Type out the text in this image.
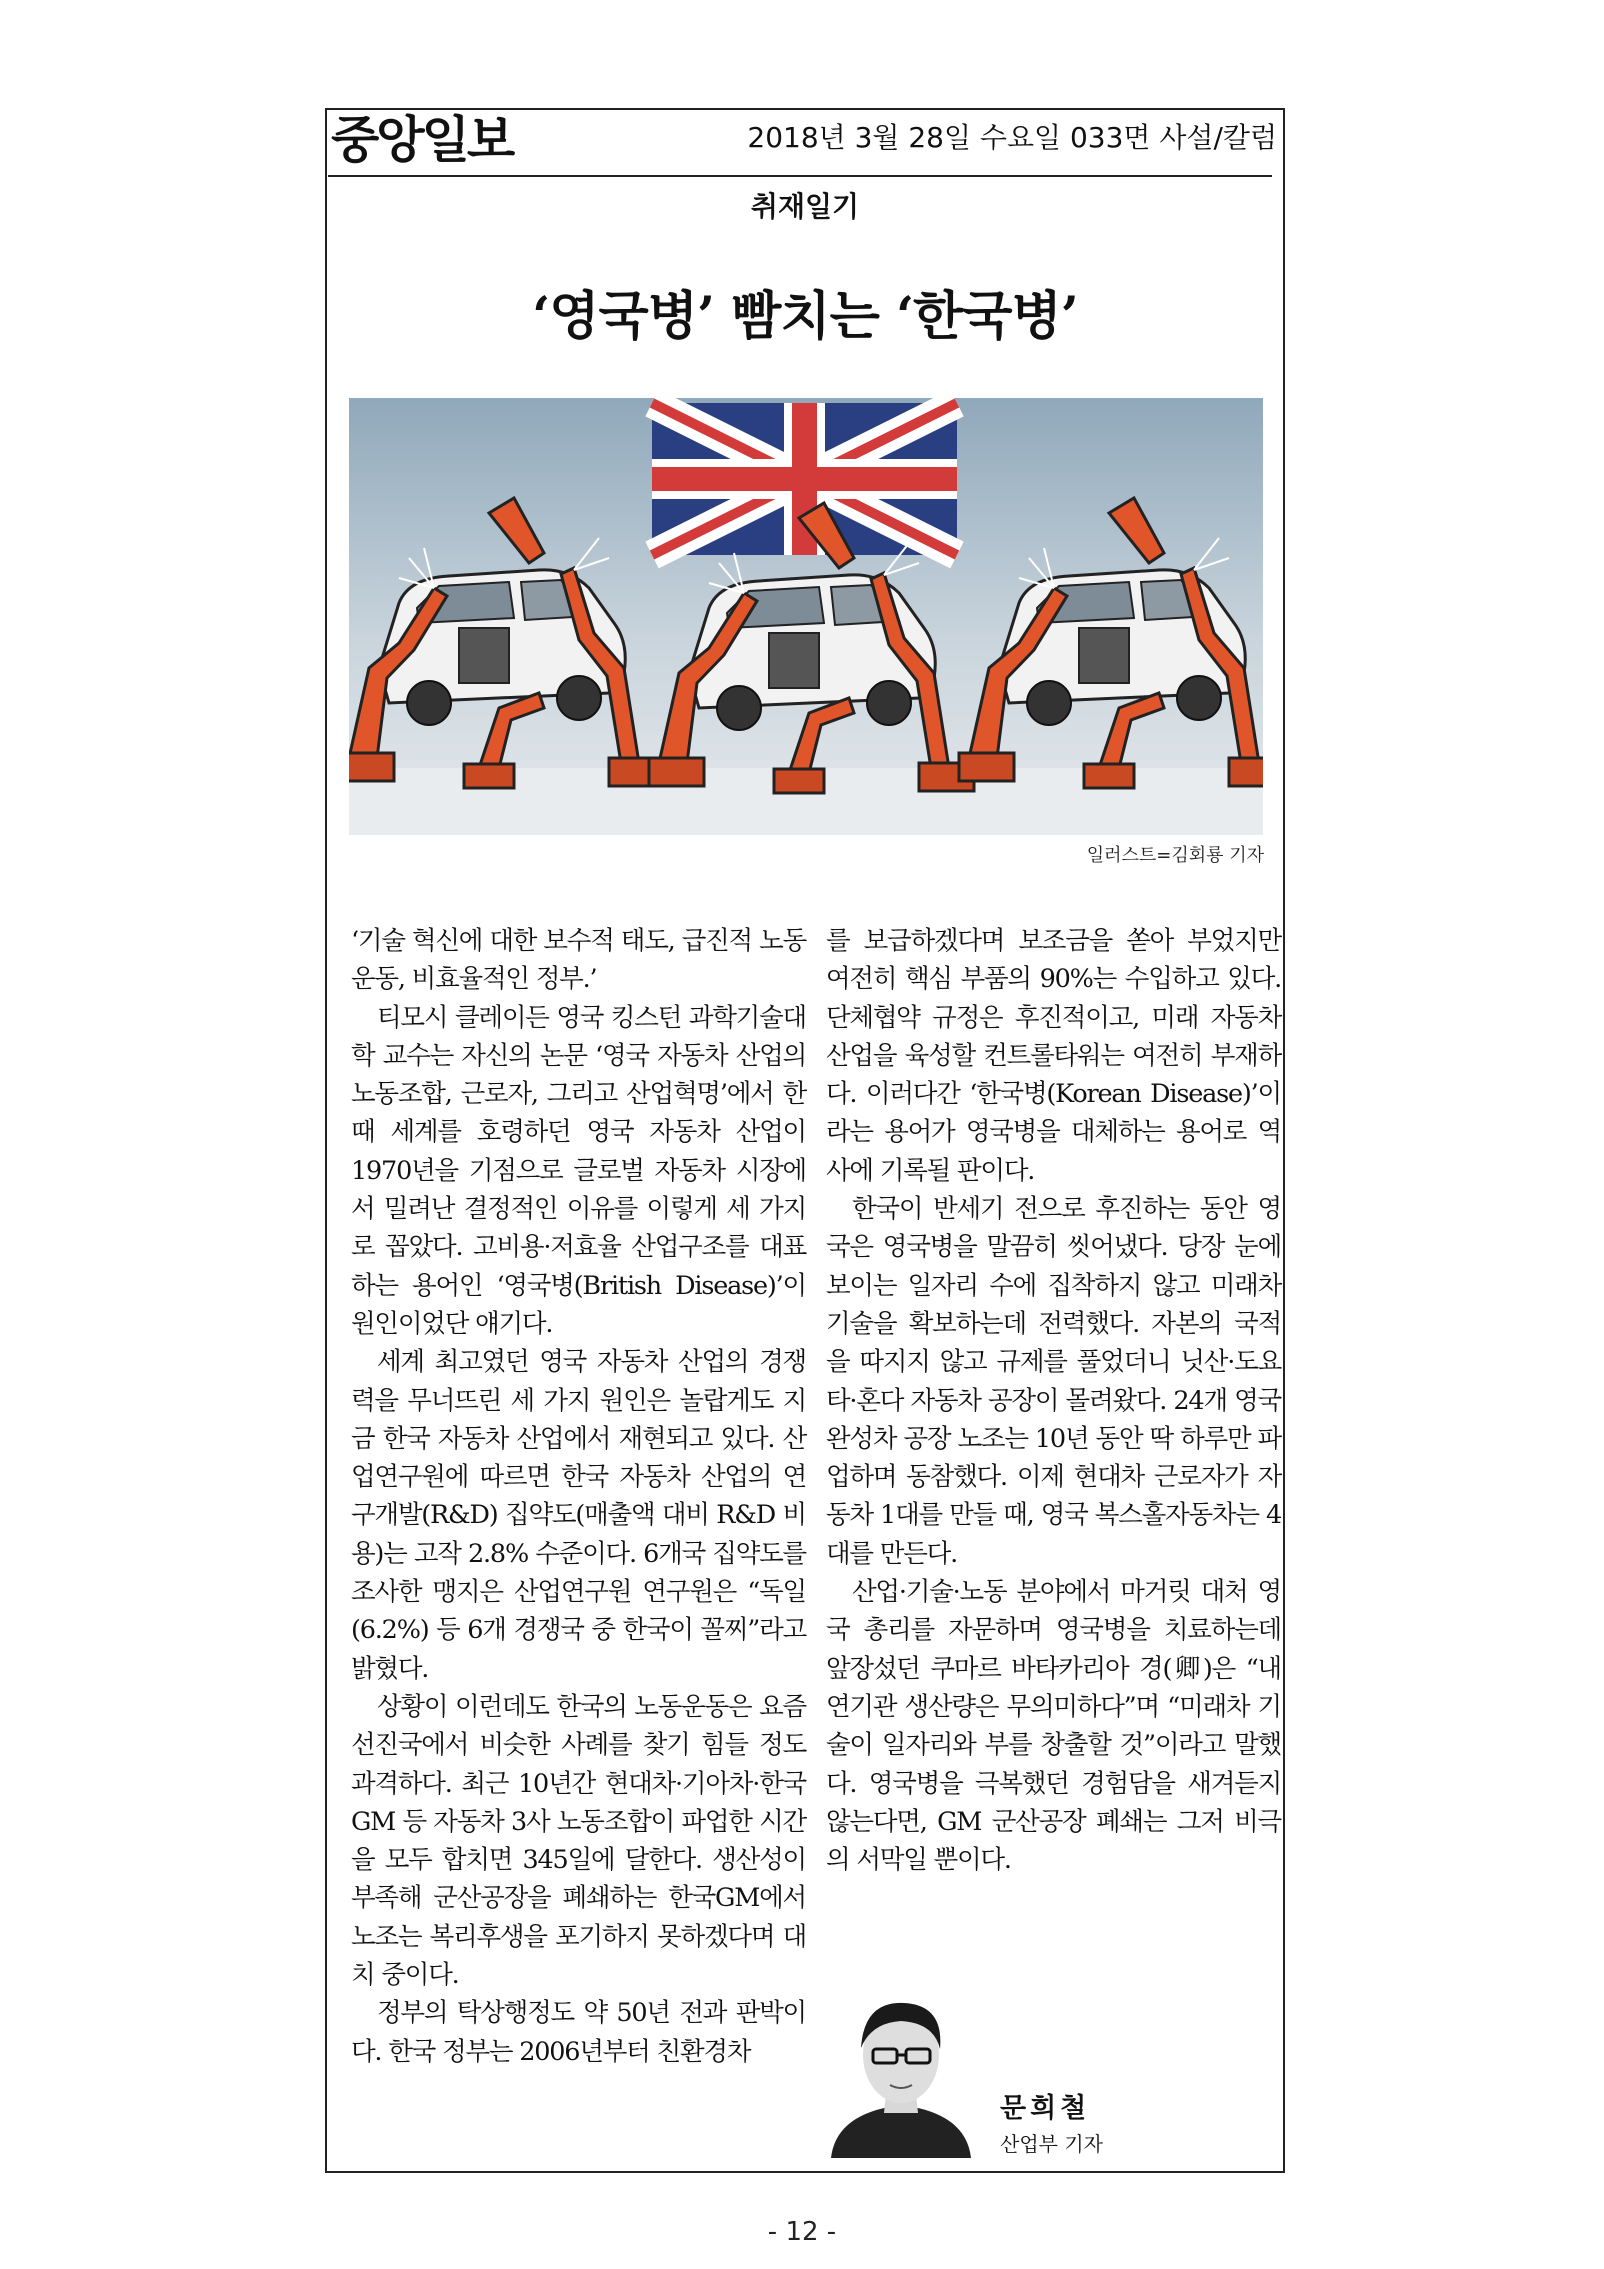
중앙일보	2018년 3월 28일 수요일 033면 사설/칼럼
취재일기
‘영국병’ 빰치는 ‘한국병’
일러스트=김회룡 기자

‘기술 혁신에 대한 보수적 태도, 급진적 노동운동, 비효율적인 정부.’

티모시 클레이든 영국 킹스턴 과학기술대학 교수는 자신의 논문 ‘영국 자동차 산업의 노동조합, 근로자, 그리고 산업혁명’에서 한때 세계를 호령하던 영국 자동차 산업이 1970년을 기점으로 글로벌 자동차 시장에서 밀려난 결정적인 이유를 이렇게 세 가지로 꼽았다. 고비용·저효율 산업구조를 대표하는 용어인 ‘영국병(British Disease)’이 원인이었단 얘기다.

세계 최고였던 영국 자동차 산업의 경쟁력을 무너뜨린 세 가지 원인은 놀랍게도 지금 한국 자동차 산업에서 재현되고 있다. 산업연구원에 따르면 한국 자동차 산업의 연구개발(R&D) 집약도(매출액 대비 R&D 비용)는 고작 2.8% 수준이다. 6개국 집약도를 조사한 맹지은 산업연구원 연구원은 “독일(6.2%) 등 6개 경쟁국 중 한국이 꼴찌”라고 밝혔다.

상황이 이런데도 한국의 노동운동은 요즘 선진국에서 비슷한 사례를 찾기 힘들 정도 과격하다. 최근 10년간 현대차·기아차·한국GM 등 자동차 3사 노동조합이 파업한 시간을 모두 합치면 345일에 달한다. 생산성이 부족해 군산공장을 폐쇄하는 한국GM에서 노조는 복리후생을 포기하지 못하겠다며 대치 중이다.

정부의 탁상행정도 약 50년 전과 판박이다. 한국 정부는 2006년부터 친환경차

를 보급하겠다며 보조금을 쏟아 부었지만 여전히 핵심 부품의 90%는 수입하고 있다. 단체협약 규정은 후진적이고, 미래 자동차 산업을 육성할 컨트롤타워는 여전히 부재하다. 이러다간 ‘한국병(Korean Disease)’이라는 용어가 영국병을 대체하는 용어로 역사에 기록될 판이다.

한국이 반세기 전으로 후진하는 동안 영국은 영국병을 말끔히 씻어냈다. 당장 눈에 보이는 일자리 수에 집착하지 않고 미래차 기술을 확보하는데 전력했다. 자본의 국적을 따지지 않고 규제를 풀었더니 닛산·도요타·혼다 자동차 공장이 몰려왔다. 24개 영국 완성차 공장 노조는 10년 동안 딱 하루만 파업하며 동참했다. 이제 현대차 근로자가 자동차 1대를 만들 때, 영국 복스홀자동차는 4대를 만든다.

산업·기술·노동 분야에서 마거릿 대처 영국 총리를 자문하며 영국병을 치료하는데 앞장섰던 쿠마르 바타카리아 경(卿)은 “내연기관 생산량은 무의미하다”며 “미래차 기술이 일자리와 부를 창출할 것”이라고 말했다. 영국병을 극복했던 경험담을 새겨듣지 않는다면, GM 군산공장 폐쇄는 그저 비극의 서막일 뿐이다.

문희철
산업부 기자
- 12 -
